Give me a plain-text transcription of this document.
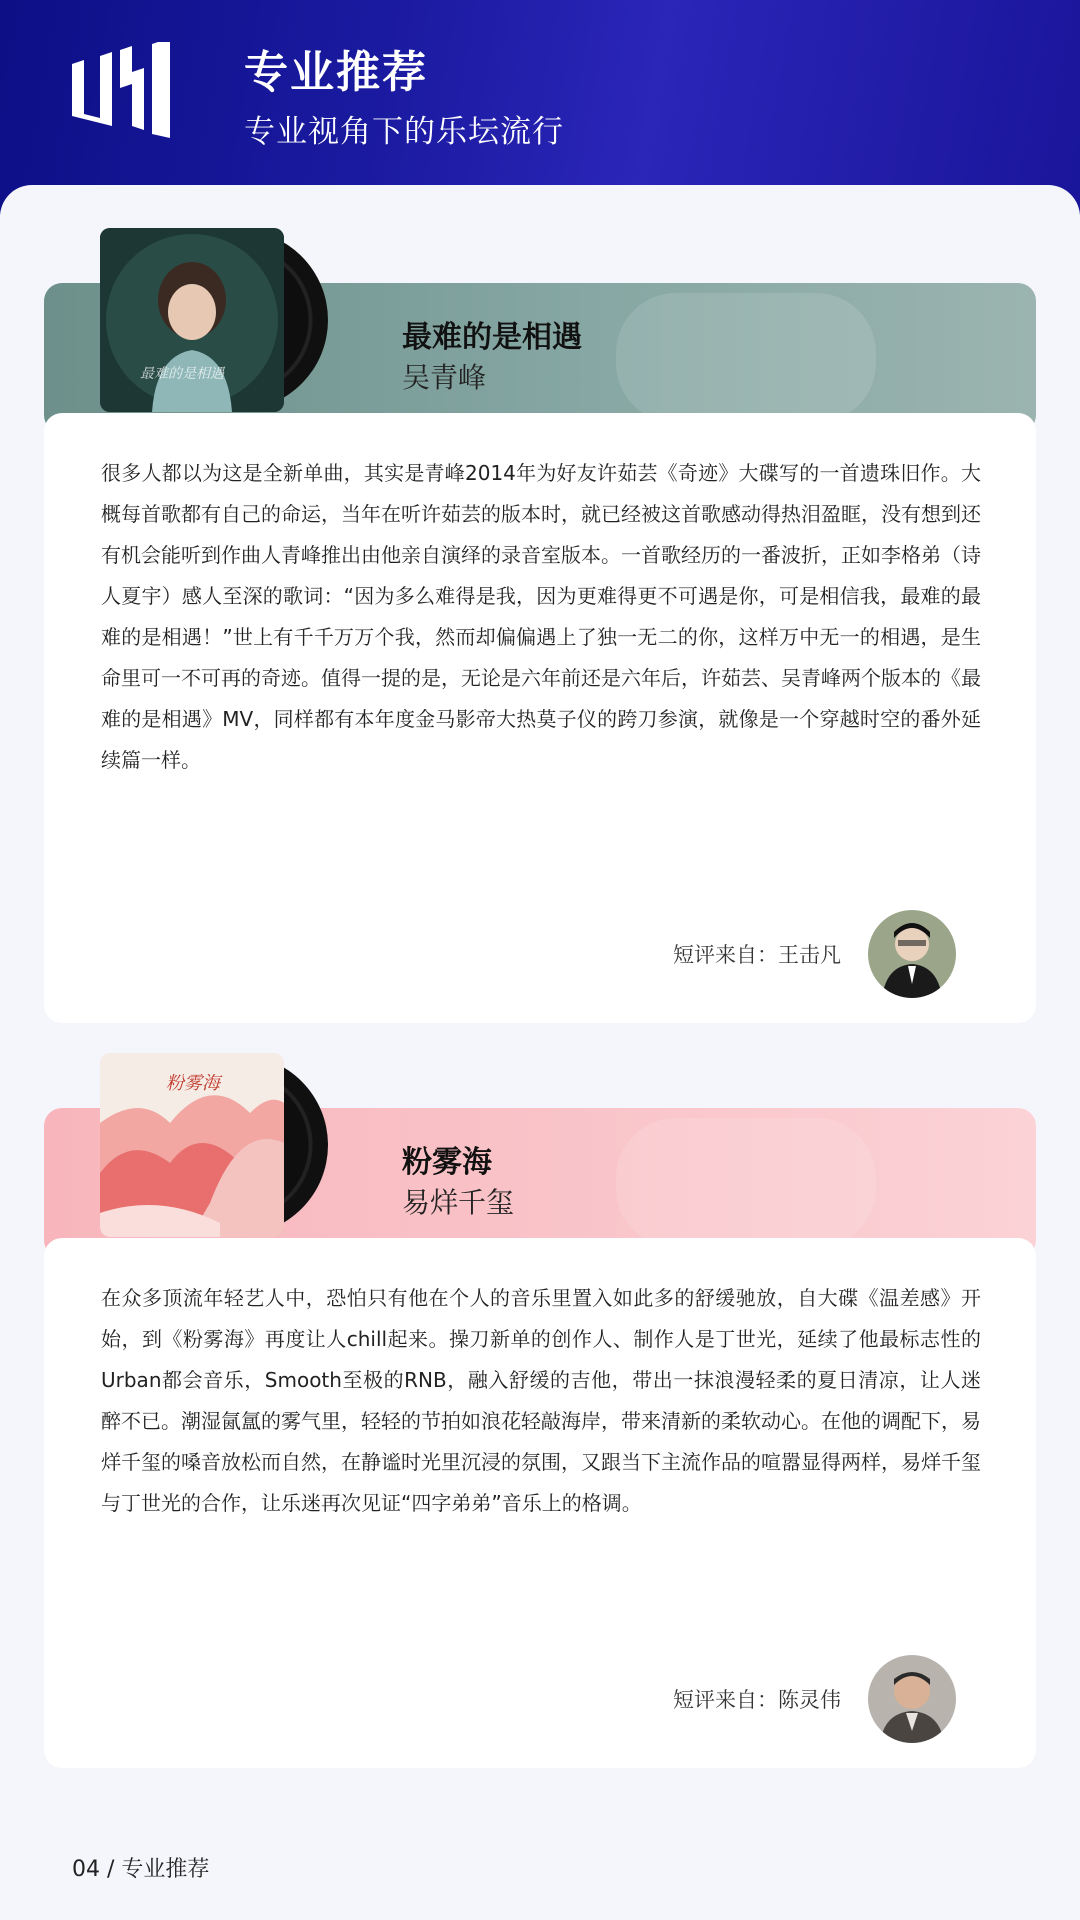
专业推荐
专业视角下的乐坛流行
最难的是相遇
最难的是相遇
吴青峰
很多人都以为这是全新单曲，其实是青峰2014年为好友许茹芸《奇迹》大碟写的一首遗珠旧作。大概每首歌都有自己的命运，当年在听许茹芸的版本时，就已经被这首歌感动得热泪盈眶，没有想到还有机会能听到作曲人青峰推出由他亲自演绎的录音室版本。一首歌经历的一番波折，正如李格弟（诗人夏宇）感人至深的歌词：“因为多么难得是我，因为更难得更不可遇是你，可是相信我，最难的最难的是相遇！”世上有千千万万个我，然而却偏偏遇上了独一无二的你，这样万中无一的相遇，是生命里可一不可再的奇迹。值得一提的是，无论是六年前还是六年后，许茹芸、吴青峰两个版本的《最难的是相遇》MV，同样都有本年度金马影帝大热莫子仪的跨刀参演，就像是一个穿越时空的番外延续篇一样。
短评来自：王击凡
粉雾海
粉雾海
易烊千玺
在众多顶流年轻艺人中，恐怕只有他在个人的音乐里置入如此多的舒缓驰放，自大碟《温差感》开始，到《粉雾海》再度让人chill起来。操刀新单的创作人、制作人是丁世光，延续了他最标志性的Urban都会音乐，Smooth至极的RNB，融入舒缓的吉他，带出一抹浪漫轻柔的夏日清凉，让人迷醉不已。潮湿氤氲的雾气里，轻轻的节拍如浪花轻敲海岸，带来清新的柔软动心。在他的调配下，易烊千玺的嗓音放松而自然，在静谧时光里沉浸的氛围，又跟当下主流作品的喧嚣显得两样，易烊千玺与丁世光的合作，让乐迷再次见证“四字弟弟”音乐上的格调。
短评来自：陈灵伟
04 / 专业推荐
